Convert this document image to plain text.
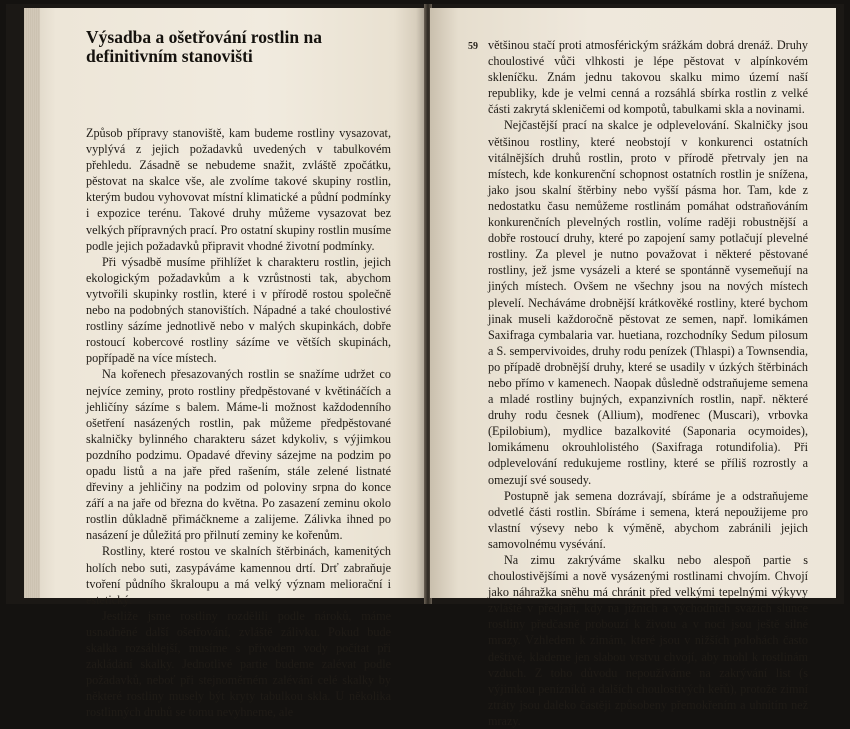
Výsadba a ošetřování rostlin na definitivním stanovišti

Způsob přípravy stanoviště, kam budeme rostliny vysazovat, vyplývá z jejich požadavků uvedených v tabulkovém přehledu. Zásadně se nebudeme snažit, zvláště zpočátku, pěstovat na skalce vše, ale zvolíme takové skupiny rostlin, kterým budou vyhovovat místní klimatické a půdní podmínky i expozice terénu. Takové druhy můžeme vysazovat bez velkých přípravných prací. Pro ostatní skupiny rostlin musíme podle jejich požadavků připravit vhodné životní podmínky.

Při výsadbě musíme přihlížet k charakteru rostlin, jejich ekologickým požadavkům a k vzrůstnosti tak, abychom vytvořili skupinky rostlin, které i v přírodě rostou společně nebo na podobných stanovištích. Nápadné a také choulostivé rostliny sázíme jednotlivě nebo v malých skupinkách, dobře rostoucí kobercové rostliny sázíme ve větších skupinách, popřípadě na více místech.

Na kořenech přesazovaných rostlin se snažíme udržet co nejvíce zeminy, proto rostliny předpěstované v květináčích a jehličíny sázíme s balem. Máme-li možnost každodenního ošetření nasázených rostlin, pak můžeme předpěstované skalničky bylinného charakteru sázet kdykoliv, s výjimkou pozdního podzimu. Opadavé dřeviny sázejme na podzim po opadu listů a na jaře před rašením, stále zelené listnaté dřeviny a jehličiny na podzim od poloviny srpna do konce září a na jaře od března do května. Po zasazení zeminu okolo rostlin důkladně přimáčkneme a zalijeme. Zálivka ihned po nasázení je důležitá pro přilnutí zeminy ke kořenům.

Rostliny, které rostou ve skalních štěrbinách, kamenitých holích nebo suti, zasypáváme kamennou drtí. Drť zabraňuje tvoření půdního škraloupu a má velký význam meliorační i estetický.

Jestliže jsme rostliny rozdělili podle nároků, máme usnadněné další ošetřování, zvláště zálivku. Pokud bude skalka rozsáhlejší, musíme s přívodem vody počítat při zakládání skalky. Jednotlivé partie budeme zalévat podle požadavků, neboť při stejnoměrném zalévání celé skalky by některé rostliny musely být kryty tabulkou skla. U několika rostlinných druhů se tomu nevyhneme, ale

59 většinou stačí proti atmosférickým srážkám dobrá drenáž. Druhy choulostivé vůči vlhkosti je lépe pěstovat v alpínkovém skleníčku. Znám jednu takovou skalku mimo území naší republiky, kde je velmi cenná a rozsáhlá sbírka rostlin z velké části zakrytá skleničemi od kompotů, tabulkami skla a novinami.

Nejčastější prací na skalce je odplevelování. Skalničky jsou většinou rostliny, které neobstojí v konkurenci ostatních vitálnějších druhů rostlin, proto v přírodě přetrvaly jen na místech, kde konkurenční schopnost ostatních rostlin je snížena, jako jsou skalní štěrbiny nebo vyšší pásma hor. Tam, kde z nedostatku času nemůžeme rostlinám pomáhat odstraňováním konkurenčních plevelných rostlin, volíme raději robustnější a dobře rostoucí druhy, které po zapojení samy potlačují plevelné rostliny. Za plevel je nutno považovat i některé pěstované rostliny, jež jsme vysázeli a které se spontánně vysemeňují na jiných místech. Ovšem ne všechny jsou na nových místech plevelí. Necháváme drobnější krátkověké rostliny, které bychom jinak museli každoročně pěstovat ze semen, např. lomikámen Saxifraga cymbalaria var. huetiana, rozchodníky Sedum pilosum a S. sempervivoides, druhy rodu penízek (Thlaspi) a Townsendia, po případě drobnější druhy, které se usadily v úzkých štěrbinách nebo přímo v kamenech. Naopak důsledně odstraňujeme semena a mladé rostliny bujných, expanzivních rostlin, např. některé druhy rodu česnek (Allium), modřenec (Muscari), vrbovka (Epilobium), mydlice bazalkovité (Saponaria ocymoides), lomikámenu okrouhlolistého (Saxifraga rotundifolia). Při odplevelování redukujeme rostliny, které se příliš rozrostly a omezují své sousedy.

Postupně jak semena dozrávají, sbíráme je a odstraňujeme odvetlé části rostlin. Sbíráme i semena, která nepoužijeme pro vlastní výsevy nebo k výměně, abychom zabránili jejich samovolnému vysévání.

Na zimu zakrýváme skalku nebo alespoň partie s choulostivějšími a nově vysázenými rostlinami chvojím. Chvojí jako náhražka sněhu má chránit před velkými tepelnými výkyvy zvláště v předjaří, kdy na jižních a východních svazích slunce rostliny předčasně probouzí k životu a v noci jsou ještě silné mrazy. Vzhledem k zimám, které jsou v nižších polohách často deštivé, klademe jen slabou vrstvu chvojí, aby mohl k rostlinám vzduch. Z toho důvodu nepoužíváme na zakrývání list (s výjimkou penízníků a dalších choulostivých keřů), protože zimní ztráty jsou daleko častěji způsobeny přemokřením a uhnitím než mrazy.
